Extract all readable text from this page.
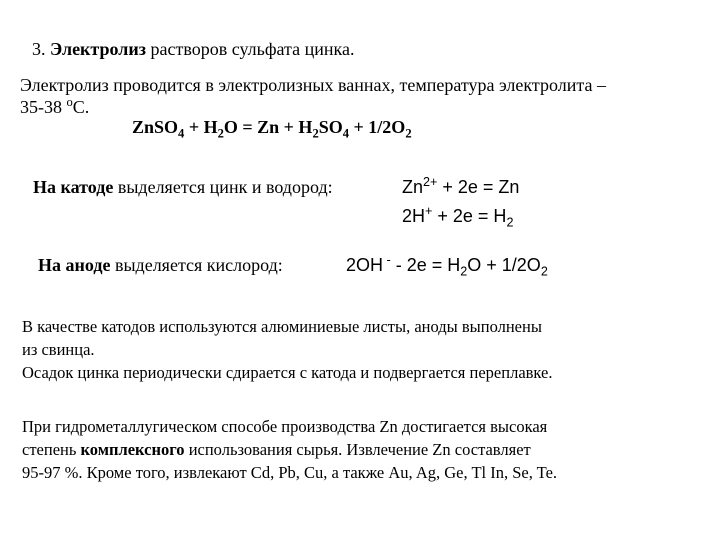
3. Электролиз растворов сульфата цинка.
Электролиз проводится в электролизных ваннах, температура электролита –
35-38 $^о$С.
ZnSO$_4$ + $H_2O = Zn + H_2SO_4 + 1/2O_2$
На катоде выделяется цинк и водород:	$Zn^{2+} + 2e = Zn$
$2H^+ + 2e = H_2$
На аноде выделяется кислород:	2OH $^- - 2e = H_2O + 1/2O_2$
В качестве катодов используются алюминиевые листы, аноды выполнены
из свинца.
Осадок цинка периодически сдирается с катода и подвергается переплавке.
При гидрометаллугическом способе производства Zn достигается высокая
степень комплексного использования сырья. Извлечение Zn составляет
95-97 %. Кроме того, извлекают Cd, Pb, Cu, а также Au, Ag, Ge, Tl In, Se, Te.
